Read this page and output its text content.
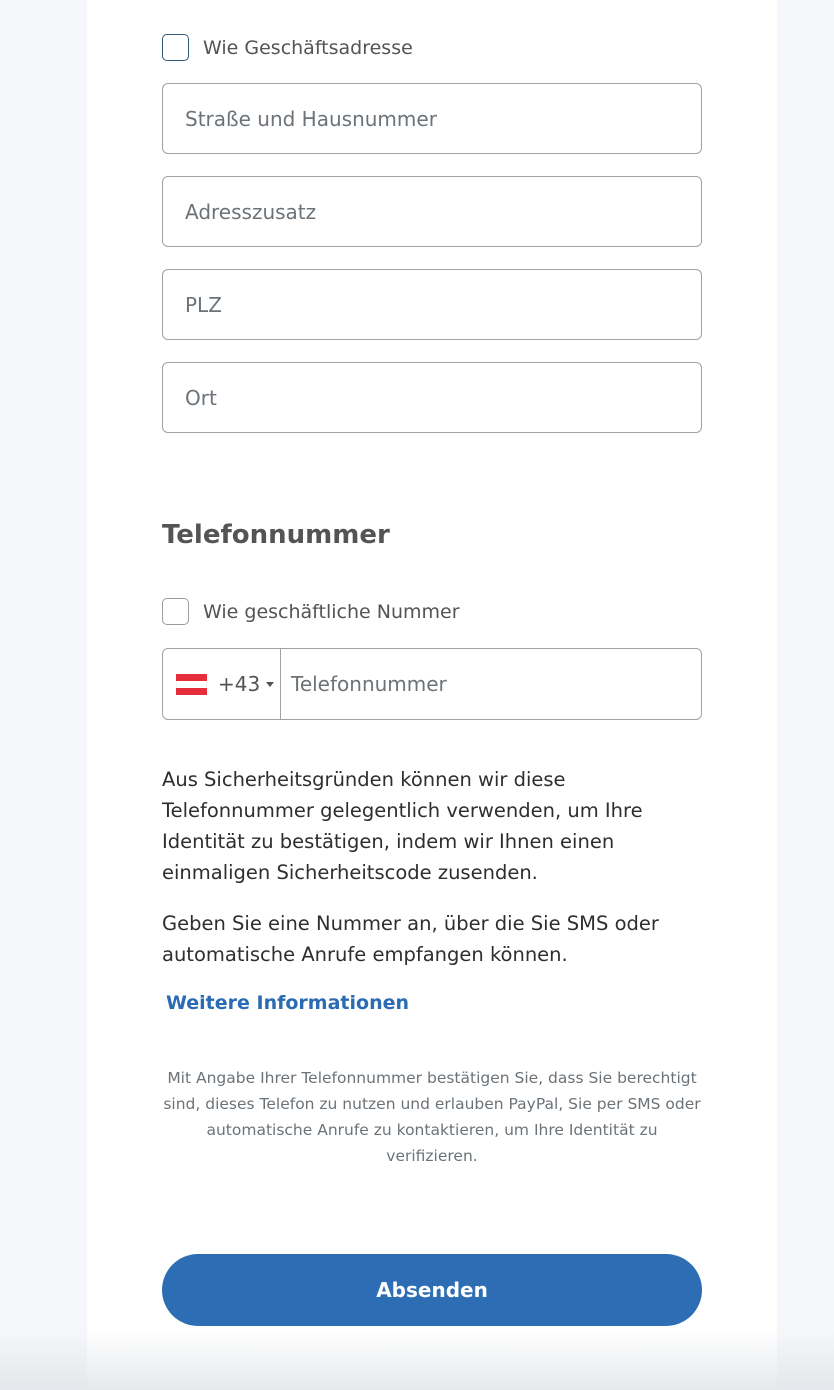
Wie Geschäftsadresse
Straße und Hausnummer
Adresszusatz
PLZ
Ort
Telefonnummer
Wie geschäftliche Nummer
+43	Telefonnummer

Aus Sicherheitsgründen können wir diese Telefonnummer gelegentlich verwenden, um Ihre Identität zu bestätigen, indem wir Ihnen einen einmaligen Sicherheitscode zusenden.

Geben Sie eine Nummer an, über die Sie SMS oder automatische Anrufe empfangen können.

Weitere Informationen

Mit Angabe Ihrer Telefonnummer bestätigen Sie, dass Sie berechtigt sind, dieses Telefon zu nutzen und erlauben PayPal, Sie per SMS oder automatische Anrufe zu kontaktieren, um Ihre Identität zu verifizieren.

Absenden
